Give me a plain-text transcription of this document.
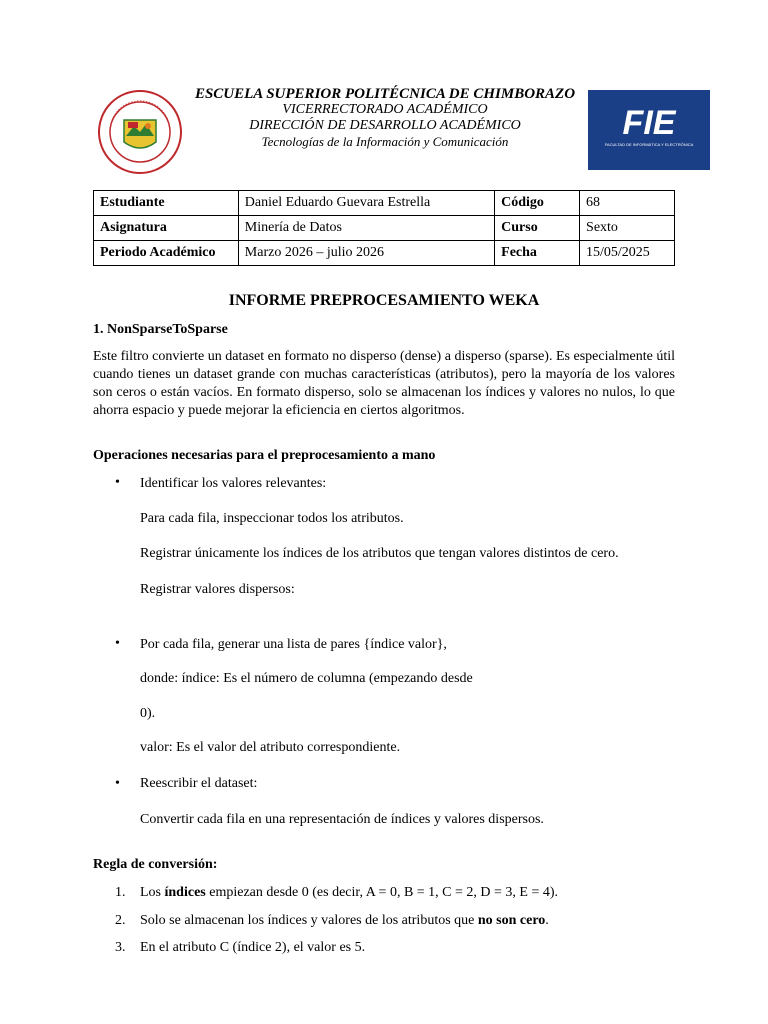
ESCUELA SUPERIOR POLITÉCNICA DE CHIMBORAZO
VICERRECTORADO ACADÉMICO
DIRECCIÓN DE DESARROLLO ACADÉMICO
Tecnologías de la Información y Comunicación	FIE
FACULTAD DE INFORMÁTICA Y ELECTRÓNICA
Estudiante	Daniel Eduardo Guevara Estrella	Código	68
Asignatura	Minería de Datos	Curso	Sexto
Periodo Académico	Marzo 2026 – julio 2026	Fecha	15/05/2025
INFORME PREPROCESAMIENTO WEKA
1. NonSparseToSparse
Este filtro convierte un dataset en formato no disperso (dense) a disperso (sparse). Es especialmente útil cuando tienes un dataset grande con muchas características (atributos), pero la mayoría de los valores son ceros o están vacíos. En formato disperso, solo se almacenan los índices y valores no nulos, lo que ahorra espacio y puede mejorar la eficiencia en ciertos algoritmos.
Operaciones necesarias para el preprocesamiento a mano
• Identificar los valores relevantes:
Para cada fila, inspeccionar todos los atributos.
Registrar únicamente los índices de los atributos que tengan valores distintos de cero.
Registrar valores dispersos:
• Por cada fila, generar una lista de pares {índice valor},
donde: índice: Es el número de columna (empezando desde
0).
valor: Es el valor del atributo correspondiente.
• Reescribir el dataset:
Convertir cada fila en una representación de índices y valores dispersos.
Regla de conversión:
1. Los índices empiezan desde 0 (es decir, A = 0, B = 1, C = 2, D = 3, E = 4).
2. Solo se almacenan los índices y valores de los atributos que no son cero.
3. En el atributo C (índice 2), el valor es 5.
